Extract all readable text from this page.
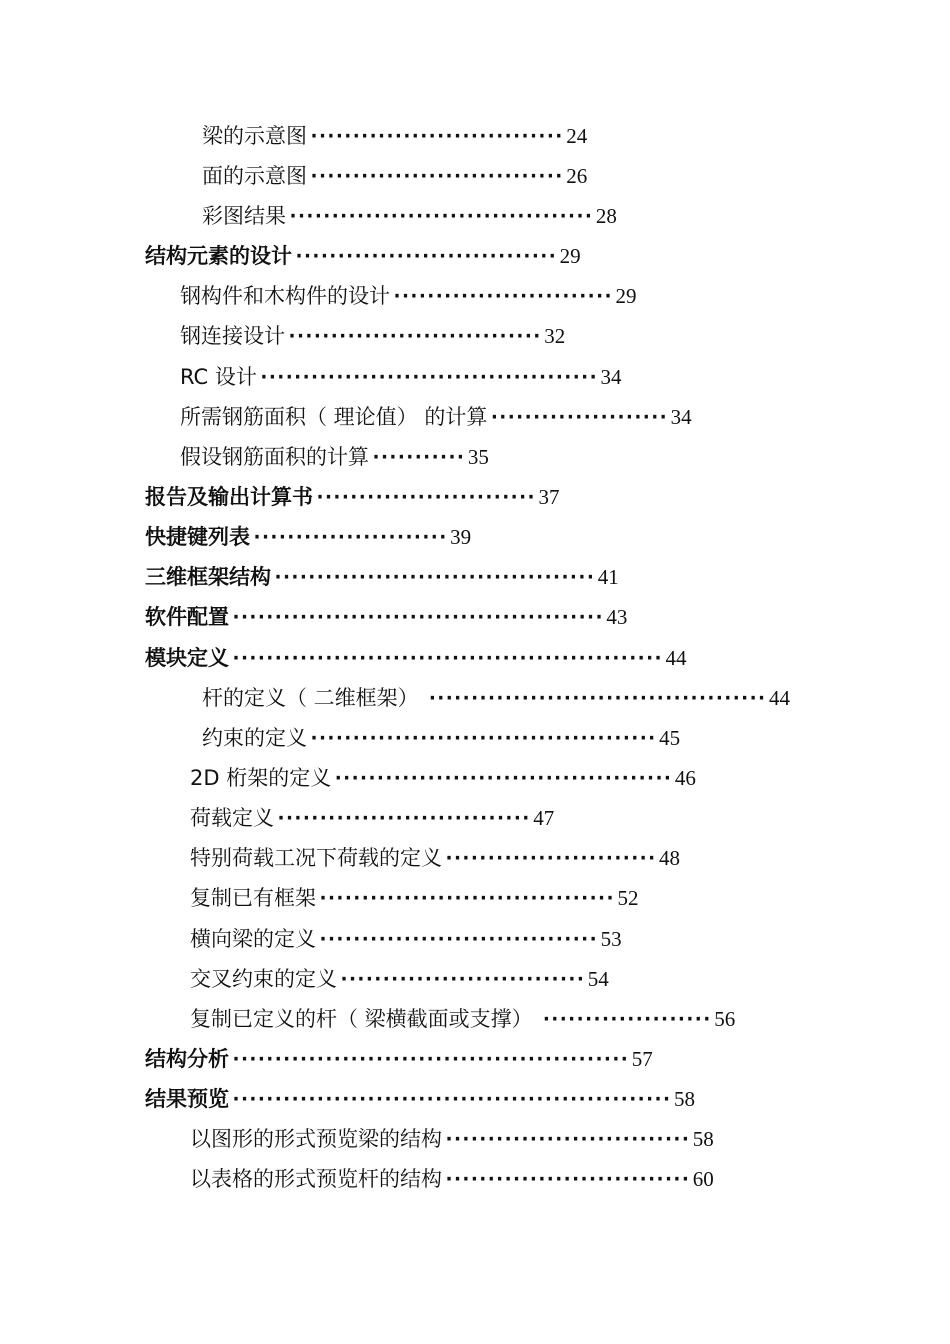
梁的示意图······························ 24
面的示意图······························ 26
彩图结果···································· 28
结构元素的设计······························· 29
钢构件和木构件的设计·························· 29
钢连接设计······························ 32
RC 设计········································ 34
所需钢筋面积（ 理论值） 的计算····················· 34
假设钢筋面积的计算··········· 35
报告及输出计算书·························· 37
快捷键列表······················· 39
三维框架结构······································ 41
软件配置············································ 43
模块定义··················································· 44
杆的定义（ 二维框架） ········································ 44
约束的定义········································· 45
2D 桁架的定义········································ 46
荷载定义······························ 47
特别荷载工况下荷载的定义························· 48
复制已有框架··································· 52
横向梁的定义································· 53
交叉约束的定义····························· 54
复制已定义的杆（ 梁横截面或支撑） ···················· 56
结构分析··············································· 57
结果预览···················································· 58
以图形的形式预览梁的结构····························· 58
以表格的形式预览杆的结构····························· 60
